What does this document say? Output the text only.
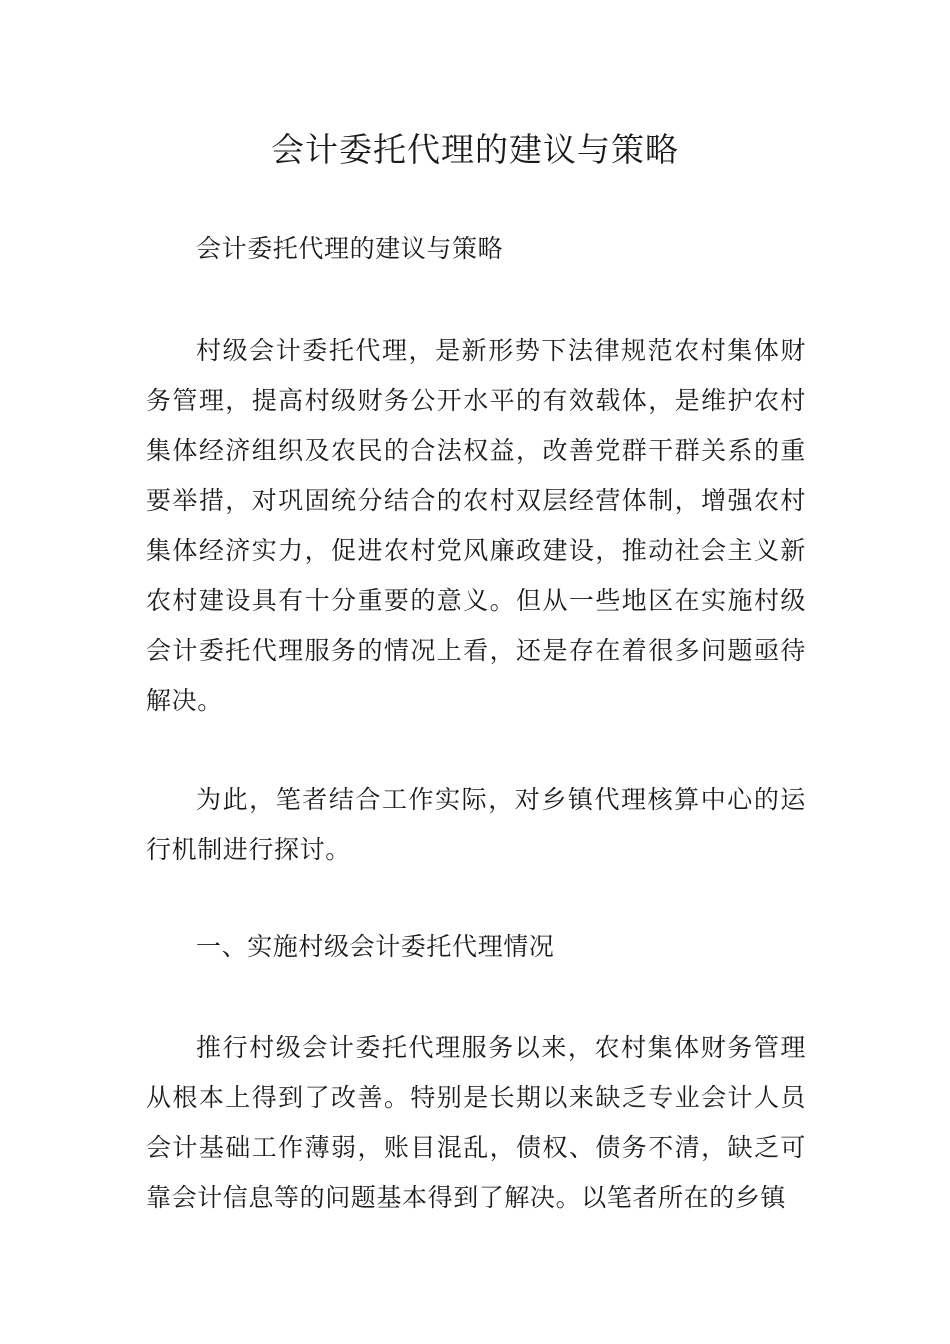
会计委托代理的建议与策略

会计委托代理的建议与策略

村级会计委托代理，是新形势下法律规范农村集体财务管理，提高村级财务公开水平的有效载体，是维护农村集体经济组织及农民的合法权益，改善党群干群关系的重要举措，对巩固统分结合的农村双层经营体制，增强农村集体经济实力，促进农村党风廉政建设，推动社会主义新农村建设具有十分重要的意义。但从一些地区在实施村级会计委托代理服务的情况上看，还是存在着很多问题亟待解决。

为此，笔者结合工作实际，对乡镇代理核算中心的运行机制进行探讨。

一、实施村级会计委托代理情况

推行村级会计委托代理服务以来，农村集体财务管理从根本上得到了改善。特别是长期以来缺乏专业会计人员会计基础工作薄弱，账目混乱，债权、债务不清，缺乏可靠会计信息等的问题基本得到了解决。以笔者所在的乡镇
